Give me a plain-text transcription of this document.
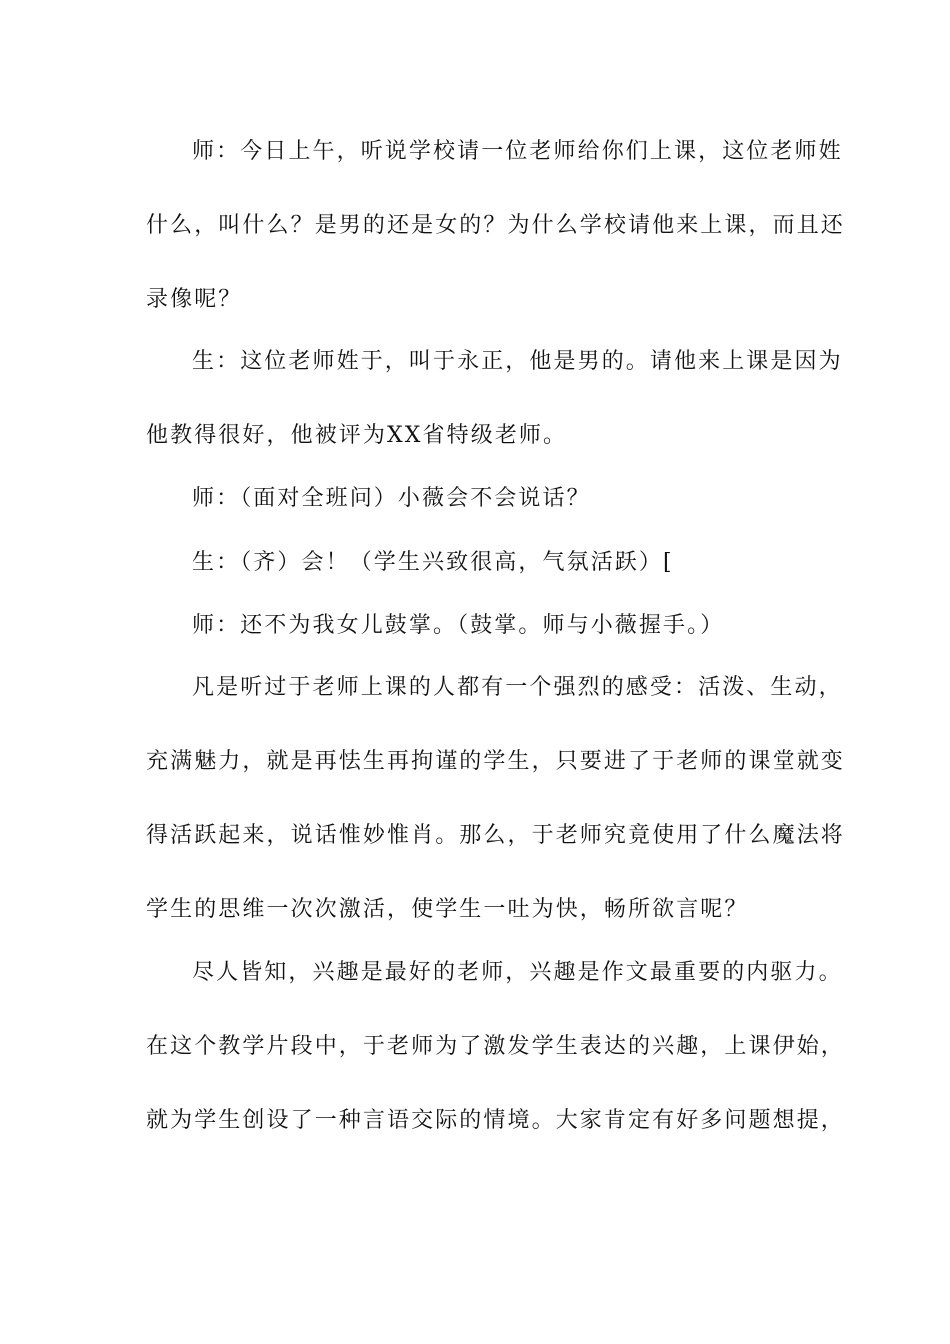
师：今日上午，听说学校请一位老师给你们上课，这位老师姓
什么，叫什么？是男的还是女的？为什么学校请他来上课，而且还
录像呢？
生：这位老师姓于，叫于永正，他是男的。请他来上课是因为
他教得很好，他被评为XX省特级老师。
师：（面对全班问）小薇会不会说话？
生：（齐）会！（学生兴致很高，气氛活跃）[
师：还不为我女儿鼓掌。（鼓掌。师与小薇握手。）
凡是听过于老师上课的人都有一个强烈的感受：活泼、生动，
充满魅力，就是再怯生再拘谨的学生，只要进了于老师的课堂就变
得活跃起来，说话惟妙惟肖。那么，于老师究竟使用了什么魔法将
学生的思维一次次激活，使学生一吐为快，畅所欲言呢？
尽人皆知，兴趣是最好的老师，兴趣是作文最重要的内驱力。
在这个教学片段中，于老师为了激发学生表达的兴趣，上课伊始，
就为学生创设了一种言语交际的情境。大家肯定有好多问题想提，
